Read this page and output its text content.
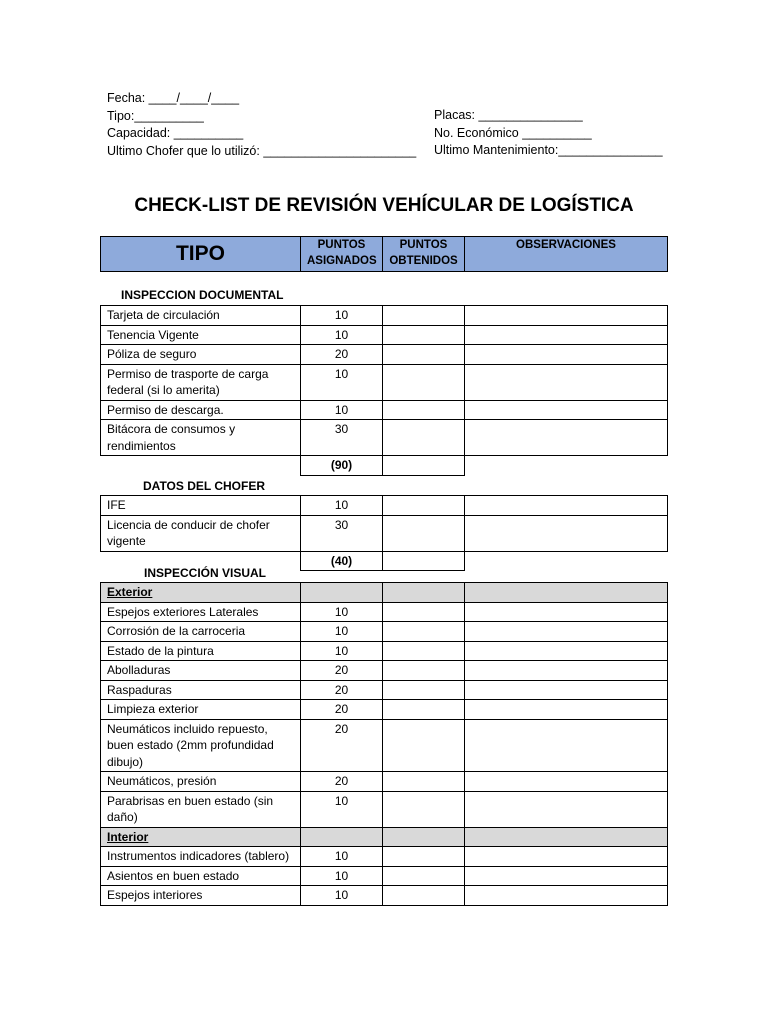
Fecha: ____/____/____
Tipo:__________
Capacidad: __________
Ultimo Chofer que lo utilizó: ______________________
Placas: _______________
No. Económico __________
Ultimo Mantenimiento:_______________
CHECK-LIST DE REVISIÓN VEHÍCULAR DE LOGÍSTICA
TIPO	PUNTOS ASIGNADOS	PUNTOS OBTENIDOS	OBSERVACIONES
INSPECCION DOCUMENTAL
Tarjeta de circulación	10		
Tenencia Vigente	10		
Póliza de seguro	20		
Permiso de trasporte de carga federal (si lo amerita)	10		
Permiso de descarga.	10		
Bitácora de consumos y rendimientos	30		
	(90)		
DATOS DEL CHOFER
IFE	10		
Licencia de conducir de chofer vigente	30		
	(40)		
INSPECCIÓN VISUAL
Exterior			
Espejos exteriores Laterales	10		
Corrosión de la carroceria	10		
Estado de la pintura	10		
Abolladuras	20		
Raspaduras	20		
Limpieza exterior	20		
Neumáticos incluido repuesto, buen estado (2mm profundidad dibujo)	20		
Neumáticos, presión	20		
Parabrisas en buen estado (sin daño)	10		
Interior			
Instrumentos indicadores (tablero)	10		
Asientos en buen estado	10		
Espejos interiores	10		
